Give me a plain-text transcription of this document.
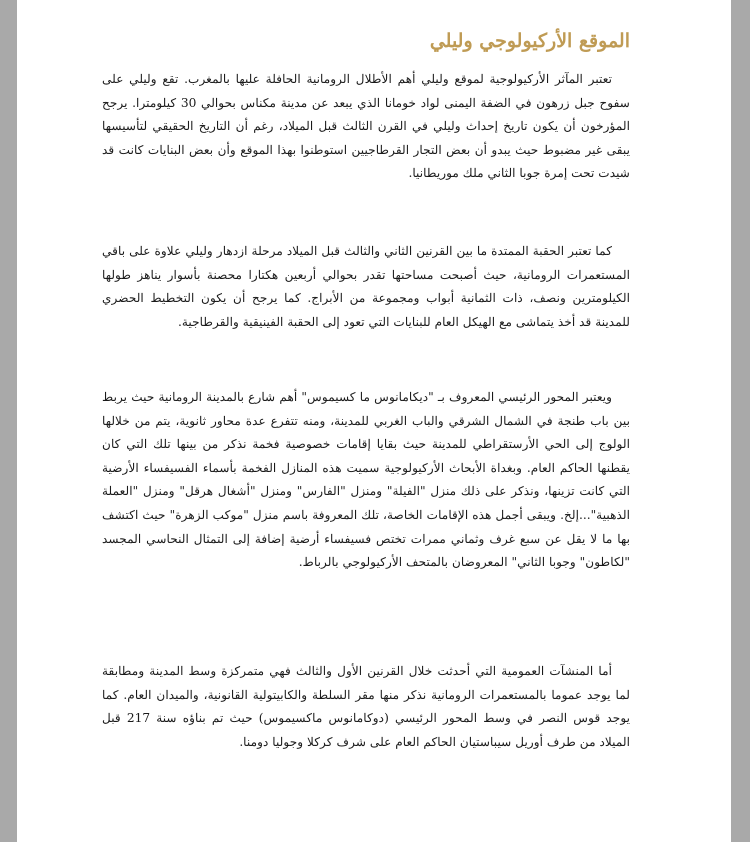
الموقع الأركيولوجي وليلي

تعتبر المآثر الأركيولوجية لموقع وليلي أهم الأطلال الرومانية الحافلة عليها بالمغرب. تقع وليلي على سفوح جبل زرهون في الضفة اليمنى لواد خومانا الذي يبعد عن مدينة مكناس بحوالي 30 كيلومترا. يرجح المؤرخون أن يكون تاريخ إحداث وليلي في القرن الثالث قبل الميلاد، رغم أن التاريخ الحقيقي لتأسيسها يبقى غير مضبوط حيث يبدو أن بعض التجار القرطاجيين استوطنوا بهذا الموقع وأن بعض البنايات كانت قد شيدت تحت إمرة جوبا الثاني ملك موريطانيا.

كما تعتبر الحقبة الممتدة ما بين القرنين الثاني والثالث قبل الميلاد مرحلة ازدهار وليلي علاوة على باقي المستعمرات الرومانية، حيث أصبحت مساحتها تقدر بحوالي أربعين هكتارا محصنة بأسوار يناهز طولها الكيلومترين ونصف، ذات الثمانية أبواب ومجموعة من الأبراج. كما يرجح أن يكون التخطيط الحضري للمدينة قد أخذ يتماشى مع الهيكل العام للبنايات التي تعود إلى الحقبة الفينيقية والقرطاجية.

ويعتبر المحور الرئيسي المعروف بـ "ديكامانوس ما كسيموس" أهم شارع بالمدينة الرومانية حيث يربط بين باب طنجة في الشمال الشرقي والباب الغربي للمدينة، ومنه تتفرع عدة محاور ثانوية، يتم من خلالها الولوج إلى الحي الأرستقراطي للمدينة حيث بقايا إقامات خصوصية فخمة نذكر من بينها تلك التي كان يقطنها الحاكم العام. وبغداة الأبحاث الأركيولوجية سميت هذه المنازل الفخمة بأسماء الفسيفساء الأرضية التي كانت تزينها، ونذكر على ذلك منزل "الفيلة" ومنزل "الفارس" ومنزل "أشغال هرقل" ومنزل "العملة الذهبية"...إلخ. ويبقى أجمل هذه الإقامات الخاصة، تلك المعروفة باسم منزل "موكب الزهرة" حيث اكتشف بها ما لا يقل عن سبع غرف وثماني ممرات تختص فسيفساء أرضية إضافة إلى التمثال النحاسي المجسد "لكاطون" وجوبا الثاني" المعروضان بالمتحف الأركيولوجي بالرباط.

أما المنشآت العمومية التي أحدثت خلال القرنين الأول والثالث فهي متمركزة وسط المدينة ومطابقة لما يوجد عموما بالمستعمرات الرومانية نذكر منها مقر السلطة والكابيتولية القانونية، والميدان العام. كما يوجد قوس النصر في وسط المحور الرئيسي (دوكامانوس ماكسيموس) حيث تم بناؤه سنة 217 قبل الميلاد من طرف أوريل سيباستيان الحاكم العام على شرف كركلا وجوليا دومنا.
